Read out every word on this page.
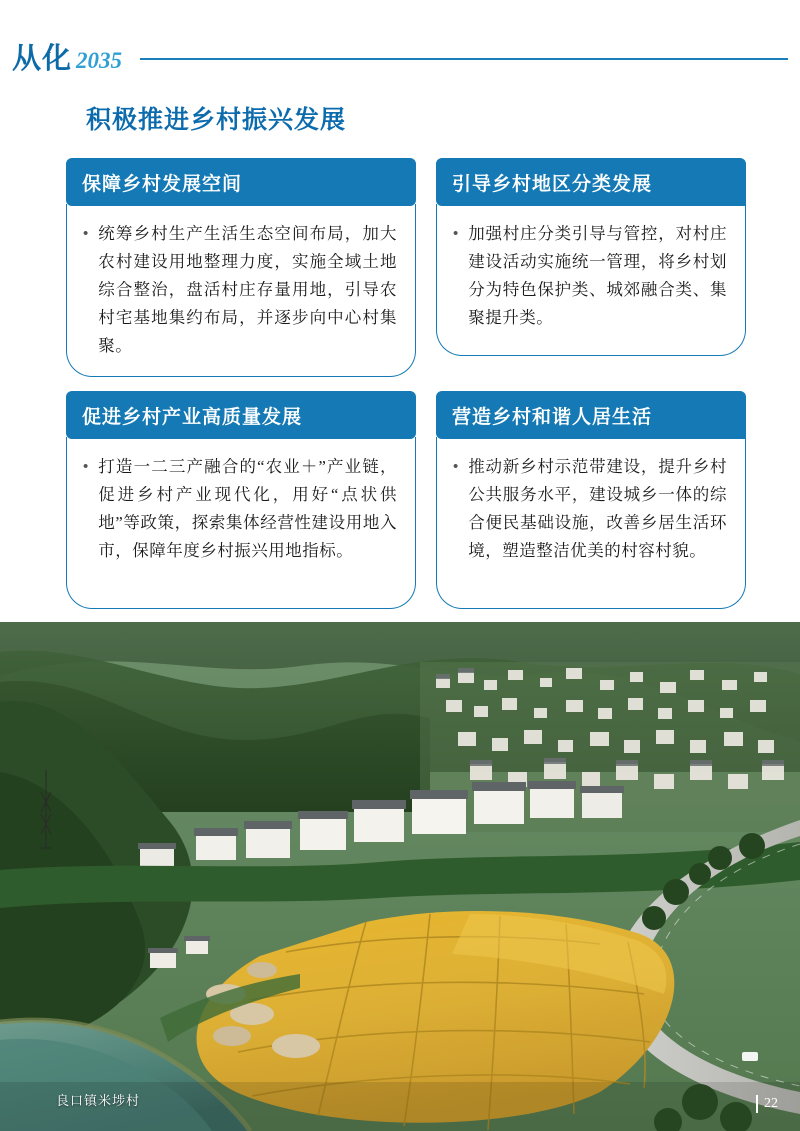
从化 2035
积极推进乡村振兴发展
保障乡村发展空间
• 统筹乡村生产生活生态空间布局，加大农村建设用地整理力度，实施全域土地综合整治，盘活村庄存量用地，引导农村宅基地集约布局，并逐步向中心村集聚。
引导乡村地区分类发展
• 加强村庄分类引导与管控，对村庄建设活动实施统一管理，将乡村划分为特色保护类、城郊融合类、集聚提升类。
促进乡村产业高质量发展
• 打造一二三产融合的“农业＋”产业链，促进乡村产业现代化，用好“点状供地”等政策，探索集体经营性建设用地入市，保障年度乡村振兴用地指标。
营造乡村和谐人居生活
• 推动新乡村示范带建设，提升乡村公共服务水平，建设城乡一体的综合便民基础设施，改善乡居生活环境，塑造整洁优美的村容村貌。
良口镇米埗村	22
